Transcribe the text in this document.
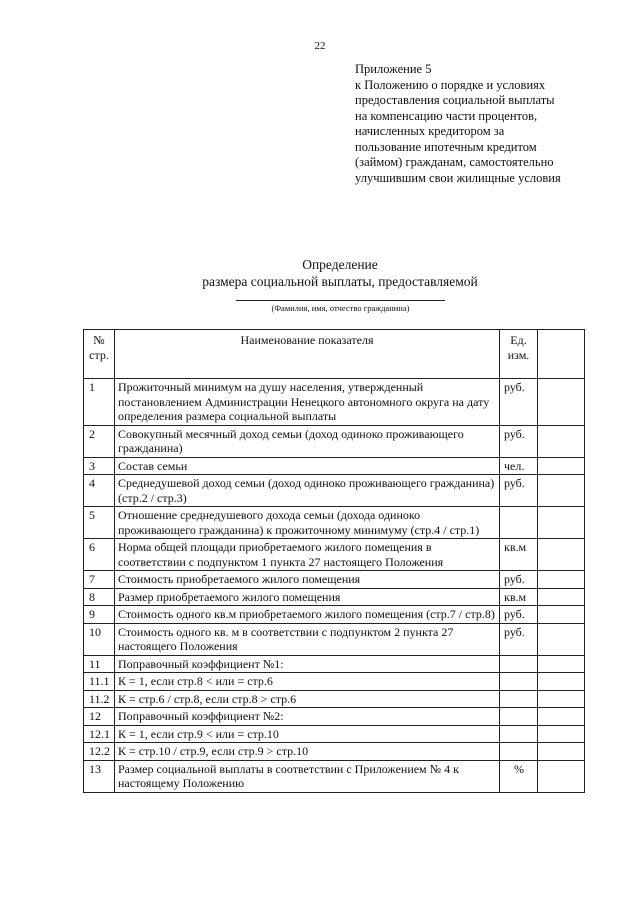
22
Приложение 5
к Положению о порядке и условиях
предоставления социальной выплаты
на компенсацию части процентов,
начисленных кредитором за
пользование ипотечным кредитом
(займом) гражданам, самостоятельно
улучшившим свои жилищные условия
Определение
размера социальной выплаты, предоставляемой
(Фамилия, имя, отчество гражданина)
№ стр.	Наименование показателя	Ед. изм.	
1	Прожиточный минимум на душу населения, утвержденный постановлением Администрации Ненецкого автономного округа на дату определения размера социальной выплаты	руб.	
2	Совокупный месячный доход семьи (доход одиноко проживающего гражданина)	руб.	
3	Состав семьи	чел.	
4	Среднедушевой доход семьи (доход одиноко проживающего гражданина) (стр.2 / стр.3)	руб.	
5	Отношение среднедушевого дохода семьи (дохода одиноко проживающего гражданина) к прожиточному минимуму (стр.4 / стр.1)		
6	Норма общей площади приобретаемого жилого помещения в соответствии с подпунктом 1 пункта 27 настоящего Положения	кв.м	
7	Стоимость приобретаемого жилого помещения	руб.	
8	Размер приобретаемого жилого помещения	кв.м	
9	Стоимость одного кв.м приобретаемого жилого помещения (стр.7 / стр.8)	руб.	
10	Стоимость одного кв. м в соответствии с подпунктом 2 пункта 27 настоящего Положения	руб.	
11	Поправочный коэффициент №1:		
11.1	К = 1, если стр.8 < или = стр.6		
11.2	К = стр.6 / стр.8, если стр.8 > стр.6		
12	Поправочный коэффициент №2:		
12.1	К = 1, если стр.9 < или = стр.10		
12.2	К = стр.10 / стр.9, если стр.9 > стр.10		
13	Размер социальной выплаты в соответствии с Приложением № 4 к настоящему Положению	%	
